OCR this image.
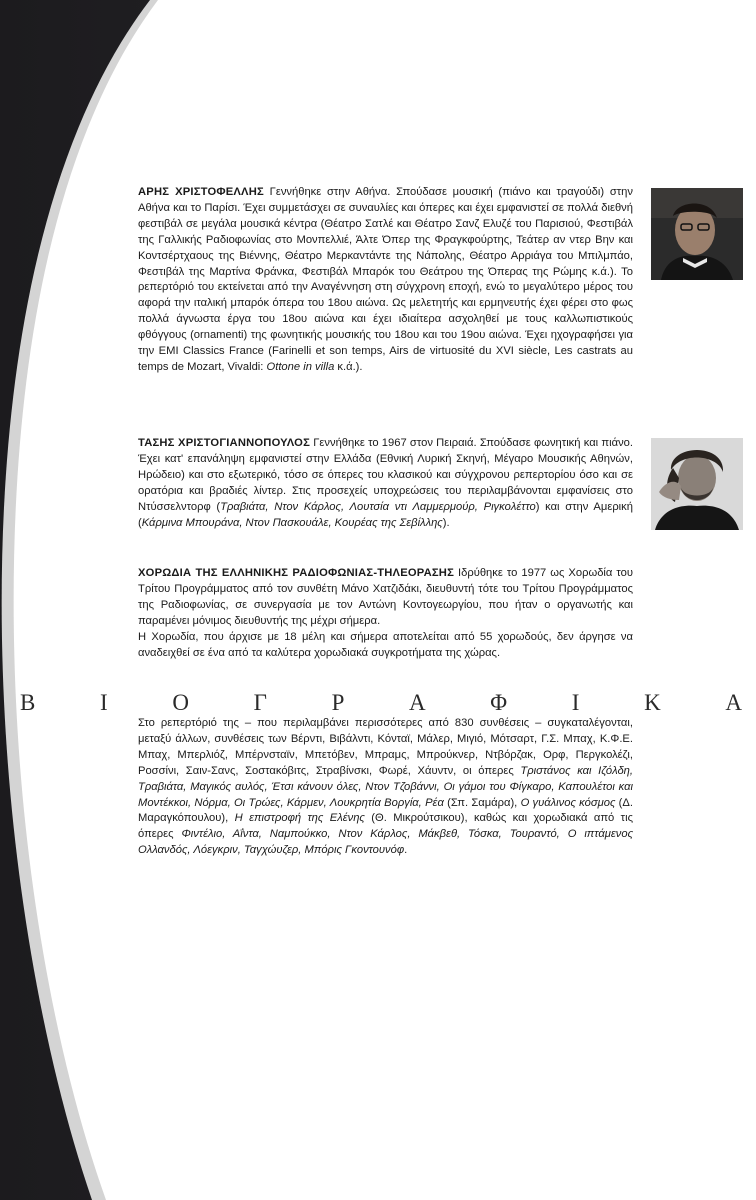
ΑΡΗΣ ΧΡΙΣΤΟΦΕΛΛΗΣ Γεννήθηκε στην Αθήνα. Σπούδασε μουσική (πιάνο και τραγούδι) στην Αθήνα και το Παρίσι. Έχει συμμετάσχει σε συναυλίες και όπερες και έχει εμφανιστεί σε πολλά διεθνή φεστιβάλ σε μεγάλα μουσικά κέντρα (Θέατρο Σατλέ και Θέατρο Σανζ Ελυζέ του Παρισιού, Φεστιβάλ της Γαλλικής Ραδιοφωνίας στο Μονπελλιέ, Άλτε Όπερ της Φραγκφούρτης, Τεάτερ αν ντερ Βην και Κοντσέρτχαους της Βιέννης, Θέατρο Μερκαντάντε της Νάπολης, Θέατρο Αρριάγα του Μπιλμπάο, Φεστιβάλ της Μαρτίνα Φράνκα, Φεστιβάλ Μπαρόκ του Θεάτρου της Όπερας της Ρώμης κ.ά.). Το ρεπερτόριό του εκτείνεται από την Αναγέννηση στη σύγχρονη εποχή, ενώ το μεγαλύτερο μέρος του αφορά την ιταλική μπαρόκ όπερα του 18ου αιώνα. Ως μελετητής και ερμηνευτής έχει φέρει στο φως πολλά άγνωστα έργα του 18ου αιώνα και έχει ιδιαίτερα ασχοληθεί με τους καλλωπιστικούς φθόγγους (ornamenti) της φωνητικής μουσικής του 18ου και του 19ου αιώνα. Έχει ηχογραφήσει για την EMI Classics France (Farinelli et son temps, Airs de virtuosité du XVI siècle, Les castrats au temps de Mozart, Vivaldi: Ottone in villa κ.ά.).

ΤΑΣΗΣ ΧΡΙΣΤΟΓΙΑΝΝΟΠΟΥΛΟΣ Γεννήθηκε το 1967 στον Πειραιά. Σπούδασε φωνητική και πιάνο. Έχει κατ' επανάληψη εμφανιστεί στην Ελλάδα (Εθνική Λυρική Σκηνή, Μέγαρο Μουσικής Αθηνών, Ηρώδειο) και στο εξωτερικό, τόσο σε όπερες του κλασικού και σύγχρονου ρεπερτορίου όσο και σε ορατόρια και βραδιές λίντερ. Στις προσεχείς υποχρεώσεις του περιλαμβάνονται εμφανίσεις στο Ντύσσελντορφ (Τραβιάτα, Ντον Κάρλος, Λουτσία ντι Λαμμερμούρ, Ριγκολέττο) και στην Αμερική (Κάρμινα Μπουράνα, Ντον Πασκουάλε, Κουρέας της Σεβίλλης).

ΧΟΡΩΔΙΑ ΤΗΣ ΕΛΛΗΝΙΚΗΣ ΡΑΔΙΟΦΩΝΙΑΣ-ΤΗΛΕΟΡΑΣΗΣ Ιδρύθηκε το 1977 ως Χορωδία του Τρίτου Προγράμματος από τον συνθέτη Μάνο Χατζιδάκι, διευθυντή τότε του Τρίτου Προγράμματος της Ραδιοφωνίας, σε συνεργασία με τον Αντώνη Κοντογεωργίου, που ήταν ο οργανωτής και παραμένει μόνιμος διευθυντής της μέχρι σήμερα.
Η Χορωδία, που άρχισε με 18 μέλη και σήμερα αποτελείται από 55 χορωδούς, δεν άργησε να αναδειχθεί σε ένα από τα καλύτερα χορωδιακά συγκροτήματα της χώρας.

Β	Ι	Ο	Γ	Ρ	Α	Φ	Ι	Κ	Α

Στο ρεπερτόριό της – που περιλαμβάνει περισσότερες από 830 συνθέσεις – συγκαταλέγονται, μεταξύ άλλων, συνθέσεις των Βέρντι, Βιβάλντι, Κόνταϊ, Μάλερ, Μιγιό, Μότσαρτ, Γ.Σ. Μπαχ, Κ.Φ.Ε. Μπαχ, Μπερλιόζ, Μπέρνσταϊν, Μπετόβεν, Μπραμς, Μπρούκνερ, Ντβόρζακ, Ορφ, Περγκολέζι, Ροσσίνι, Σαιν-Σανς, Σοστακόβιτς, Στραβίνσκι, Φωρέ, Χάυντν, οι όπερες Τριστάνος και Ιζόλδη, Τραβιάτα, Μαγικός αυλός, Έτσι κάνουν όλες, Ντον Τζοβάννι, Οι γάμοι του Φίγκαρο, Καπουλέτοι και Μοντέκκοι, Νόρμα, Οι Τρώες, Κάρμεν, Λουκρητία Βοργία, Ρέα (Σπ. Σαμάρα), Ο γυάλινος κόσμος (Δ. Μαραγκόπουλου), Η επιστροφή της Ελένης (Θ. Μικρούτσικου), καθώς και χορωδιακά από τις όπερες Φιντέλιο, Αΐντα, Ναμπούκκο, Ντον Κάρλος, Μάκβεθ, Τόσκα, Τουραντό, Ο ιπτάμενος Ολλανδός, Λόεγκριν, Ταγχώυζερ, Μπόρις Γκοντουνόφ.
